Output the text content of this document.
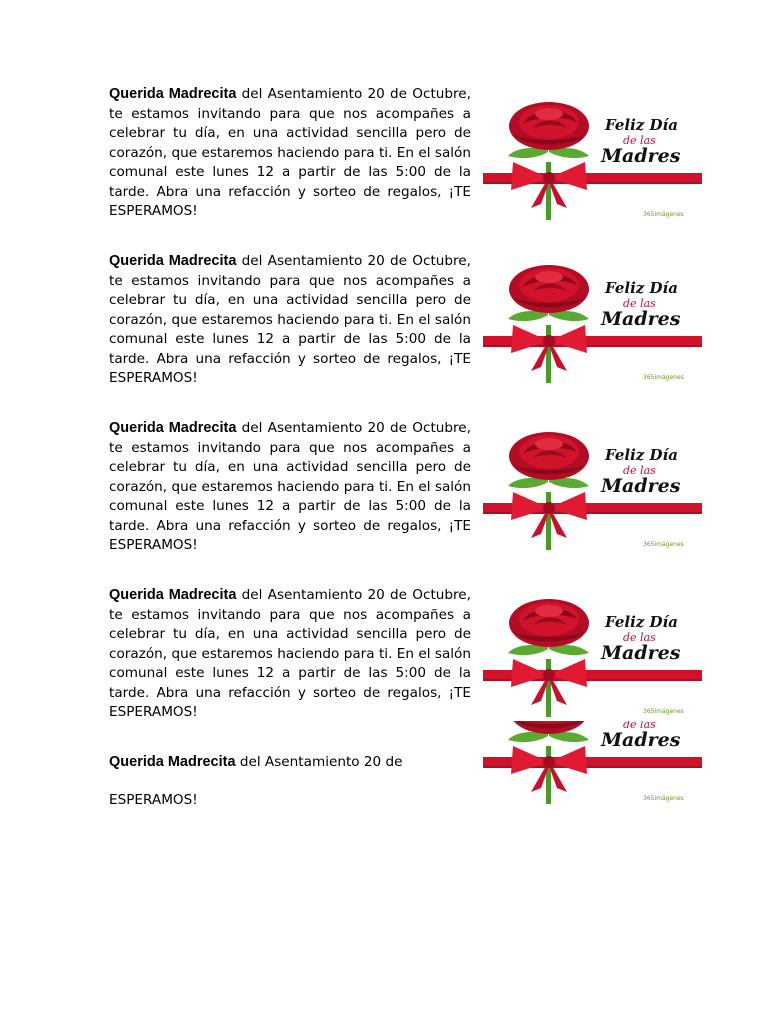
Querida Madrecita del Asentamiento 20 de Octubre, te estamos invitando para que nos acompañes a celebrar tu día, en una actividad sencilla pero de corazón, que estaremos haciendo para ti. En el salón comunal este lunes 12 a partir de las 5:00 de la tarde. Abra una refacción y sorteo de regalos, ¡TE ESPERAMOS!
Querida Madrecita del Asentamiento 20 de Octubre, te estamos invitando para que nos acompañes a celebrar tu día, en una actividad sencilla pero de corazón, que estaremos haciendo para ti. En el salón comunal este lunes 12 a partir de las 5:00 de la tarde. Abra una refacción y sorteo de regalos, ¡TE ESPERAMOS!
Querida Madrecita del Asentamiento 20 de Octubre, te estamos invitando para que nos acompañes a celebrar tu día, en una actividad sencilla pero de corazón, que estaremos haciendo para ti. En el salón comunal este lunes 12 a partir de las 5:00 de la tarde. Abra una refacción y sorteo de regalos, ¡TE ESPERAMOS!
Querida Madrecita del Asentamiento 20 de Octubre, te estamos invitando para que nos acompañes a celebrar tu día, en una actividad sencilla pero de corazón, que estaremos haciendo para ti. En el salón comunal este lunes 12 a partir de las 5:00 de la tarde. Abra una refacción y sorteo de regalos, ¡TE ESPERAMOS!
Querida Madrecita del Asentamiento 20 de
ESPERAMOS!
Feliz Día
de las
Madres
365imágenes
Feliz Día
de las
Madres
365imágenes
Feliz Día
de las
Madres
365imágenes
Feliz Día
de las
Madres
365imágenes
de las
Madres
365imágenes
